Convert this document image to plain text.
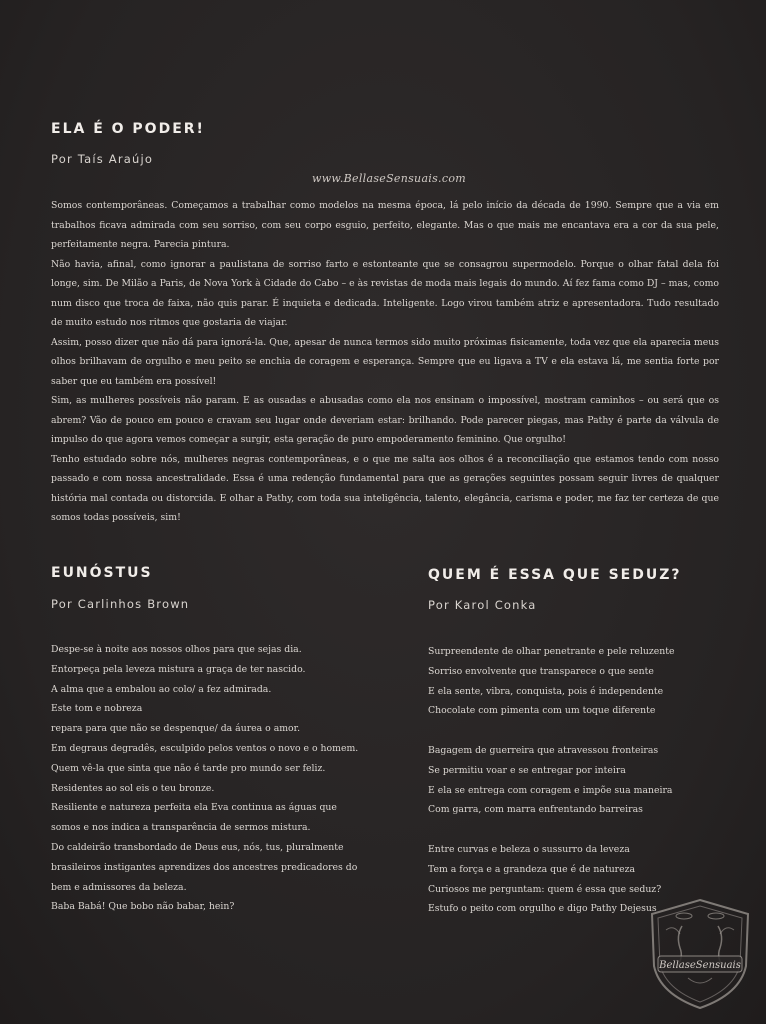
ELA É O PODER!

Por Taís Araújo

www.BellaseSensuais.com

Somos contemporâneas. Começamos a trabalhar como modelos na mesma época, lá pelo início da década de 1990. Sempre que a via em trabalhos ficava admirada com seu sorriso, com seu corpo esguio, perfeito, elegante. Mas o que mais me encantava era a cor da sua pele, perfeitamente negra. Parecia pintura.

Não havia, afinal, como ignorar a paulistana de sorriso farto e estonteante que se consagrou supermodelo. Porque o olhar fatal dela foi longe, sim. De Milão a Paris, de Nova York à Cidade do Cabo – e às revistas de moda mais legais do mundo. Aí fez fama como DJ – mas, como num disco que troca de faixa, não quis parar. É inquieta e dedicada. Inteligente. Logo virou também atriz e apresentadora. Tudo resultado de muito estudo nos ritmos que gostaria de viajar.

Assim, posso dizer que não dá para ignorá-la. Que, apesar de nunca termos sido muito próximas fisicamente, toda vez que ela aparecia meus olhos brilhavam de orgulho e meu peito se enchia de coragem e esperança. Sempre que eu ligava a TV e ela estava lá, me sentia forte por saber que eu também era possível!

Sim, as mulheres possíveis não param. E as ousadas e abusadas como ela nos ensinam o impossível, mostram caminhos – ou será que os abrem? Vão de pouco em pouco e cravam seu lugar onde deveriam estar: brilhando. Pode parecer piegas, mas Pathy é parte da válvula de impulso do que agora vemos começar a surgir, esta geração de puro empoderamento feminino. Que orgulho!

Tenho estudado sobre nós, mulheres negras contemporâneas, e o que me salta aos olhos é a reconciliação que estamos tendo com nosso passado e com nossa ancestralidade. Essa é uma redenção fundamental para que as gerações seguintes possam seguir livres de qualquer história mal contada ou distorcida. E olhar a Pathy, com toda sua inteligência, talento, elegância, carisma e poder, me faz ter certeza de que somos todas possíveis, sim!

EUNÓSTUS

Por Carlinhos Brown

Despe-se à noite aos nossos olhos para que sejas dia.
Entorpeça pela leveza mistura a graça de ter nascido.
A alma que a embalou ao colo/ a fez admirada.
Este tom e nobreza
repara para que não se despenque/ da áurea o amor.
Em degraus degradês, esculpido pelos ventos o novo e o homem.
Quem vê-la que sinta que não é tarde pro mundo ser feliz.
Residentes ao sol eis o teu bronze.
Resiliente e natureza perfeita ela Eva continua as águas que
somos e nos indica a transparência de sermos mistura.
Do caldeirão transbordado de Deus eus, nós, tus, pluralmente
brasileiros instigantes aprendizes dos ancestres predicadores do
bem e admissores da beleza.
Baba Babá! Que bobo não babar, hein?
QUEM É ESSA QUE SEDUZ?

Por Karol Conka

Surpreendente de olhar penetrante e pele reluzente
Sorriso envolvente que transparece o que sente
E ela sente, vibra, conquista, pois é independente
Chocolate com pimenta com um toque diferente
Bagagem de guerreira que atravessou fronteiras
Se permitiu voar e se entregar por inteira
E ela se entrega com coragem e impõe sua maneira
Com garra, com marra enfrentando barreiras
Entre curvas e beleza o sussurro da leveza
Tem a força e a grandeza que é de natureza
Curiosos me perguntam: quem é essa que seduz?
Estufo o peito com orgulho e digo Pathy Dejesus
BellaseSensuais
